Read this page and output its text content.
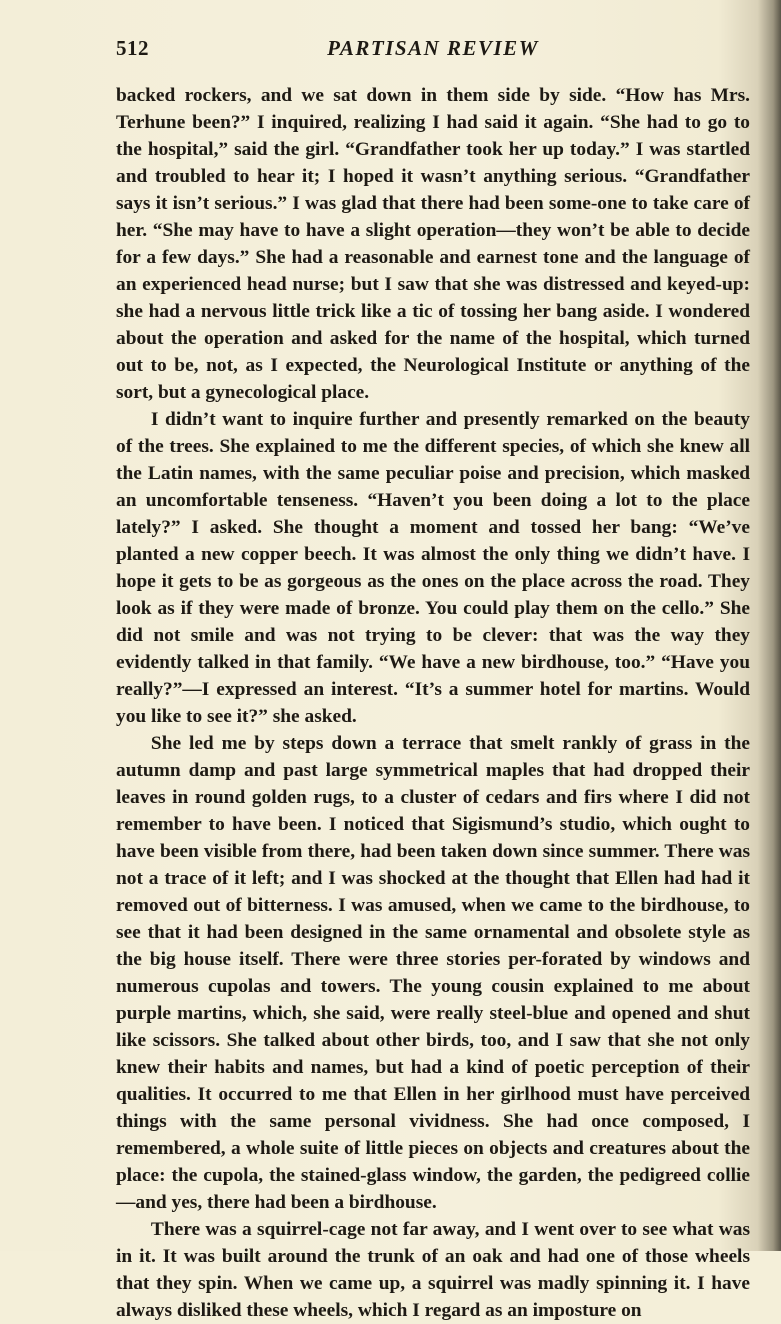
512	PARTISAN REVIEW

backed rockers, and we sat down in them side by side. “How has Mrs. Terhune been?” I inquired, realizing I had said it again. “She had to go to the hospital,” said the girl. “Grandfather took her up today.” I was startled and troubled to hear it; I hoped it wasn’t anything serious. “Grandfather says it isn’t serious.” I was glad that there had been some-one to take care of her. “She may have to have a slight operation—they won’t be able to decide for a few days.” She had a reasonable and earnest tone and the language of an experienced head nurse; but I saw that she was distressed and keyed-up: she had a nervous little trick like a tic of tossing her bang aside. I wondered about the operation and asked for the name of the hospital, which turned out to be, not, as I expected, the Neurological Institute or anything of the sort, but a gynecological place.

I didn’t want to inquire further and presently remarked on the beauty of the trees. She explained to me the different species, of which she knew all the Latin names, with the same peculiar poise and precision, which masked an uncomfortable tenseness. “Haven’t you been doing a lot to the place lately?” I asked. She thought a moment and tossed her bang: “We’ve planted a new copper beech. It was almost the only thing we didn’t have. I hope it gets to be as gorgeous as the ones on the place across the road. They look as if they were made of bronze. You could play them on the cello.” She did not smile and was not trying to be clever: that was the way they evidently talked in that family. “We have a new birdhouse, too.” “Have you really?”—I expressed an interest. “It’s a summer hotel for martins. Would you like to see it?” she asked.

She led me by steps down a terrace that smelt rankly of grass in the autumn damp and past large symmetrical maples that had dropped their leaves in round golden rugs, to a cluster of cedars and firs where I did not remember to have been. I noticed that Sigismund’s studio, which ought to have been visible from there, had been taken down since summer. There was not a trace of it left; and I was shocked at the thought that Ellen had had it removed out of bitterness. I was amused, when we came to the birdhouse, to see that it had been designed in the same ornamental and obsolete style as the big house itself. There were three stories per-forated by windows and numerous cupolas and towers. The young cousin explained to me about purple martins, which, she said, were really steel-blue and opened and shut like scissors. She talked about other birds, too, and I saw that she not only knew their habits and names, but had a kind of poetic perception of their qualities. It occurred to me that Ellen in her girlhood must have perceived things with the same personal vividness. She had once composed, I remembered, a whole suite of little pieces on objects and creatures about the place: the cupola, the stained-glass window, the garden, the pedigreed collie—and yes, there had been a birdhouse.

There was a squirrel-cage not far away, and I went over to see what was in it. It was built around the trunk of an oak and had one of those wheels that they spin. When we came up, a squirrel was madly spinning it. I have always disliked these wheels, which I regard as an imposture on
